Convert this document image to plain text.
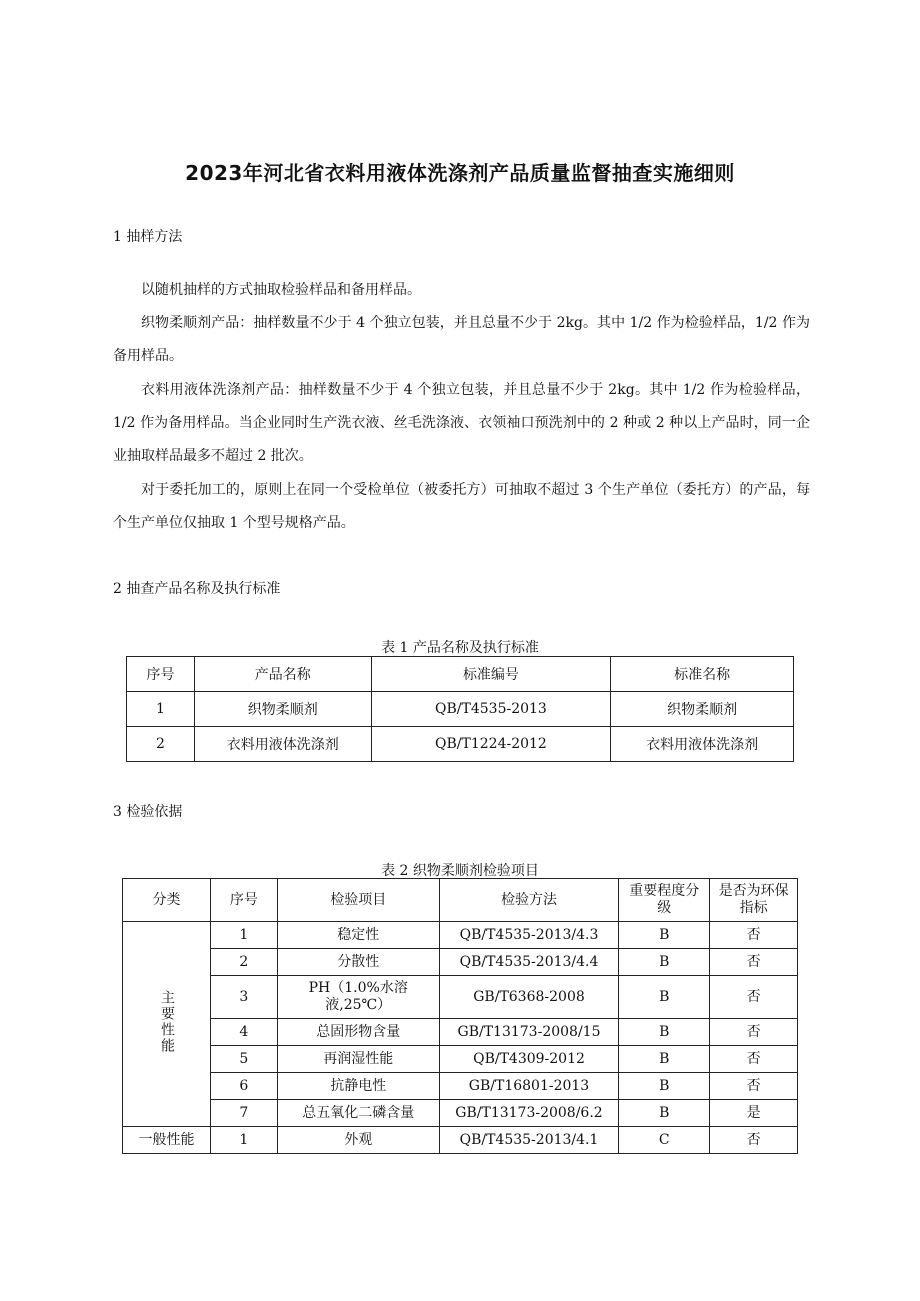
2023年河北省衣料用液体洗涤剂产品质量监督抽查实施细则
1 抽样方法

以随机抽样的方式抽取检验样品和备用样品。

织物柔顺剂产品：抽样数量不少于 4 个独立包装，并且总量不少于 2kg。其中 1/2 作为检验样品，1/2 作为备用样品。

衣料用液体洗涤剂产品：抽样数量不少于 4 个独立包装，并且总量不少于 2kg。其中 1/2 作为检验样品，1/2 作为备用样品。当企业同时生产洗衣液、丝毛洗涤液、衣领袖口预洗剂中的 2 种或 2 种以上产品时，同一企业抽取样品最多不超过 2 批次。

对于委托加工的，原则上在同一个受检单位（被委托方）可抽取不超过 3 个生产单位（委托方）的产品，每个生产单位仅抽取 1 个型号规格产品。

2 抽查产品名称及执行标准
表 1 产品名称及执行标准
序号	产品名称	标准编号	标准名称
1	织物柔顺剂	QB/T4535-2013	织物柔顺剂
2	衣料用液体洗涤剂	QB/T1224-2012	衣料用液体洗涤剂
3 检验依据
表 2 织物柔顺剂检验项目
分类	序号	检验项目	检验方法	重要程度分级	是否为环保指标
主要性能	1	稳定性	QB/T4535-2013/4.3	B	否
	2	分散性	QB/T4535-2013/4.4	B	否
	3	PH（1.0%水溶液,25℃）	GB/T6368-2008	B	否
	4	总固形物含量	GB/T13173-2008/15	B	否
	5	再润湿性能	QB/T4309-2012	B	否
	6	抗静电性	GB/T16801-2013	B	否
	7	总五氧化二磷含量	GB/T13173-2008/6.2	B	是
一般性能	1	外观	QB/T4535-2013/4.1	C	否
